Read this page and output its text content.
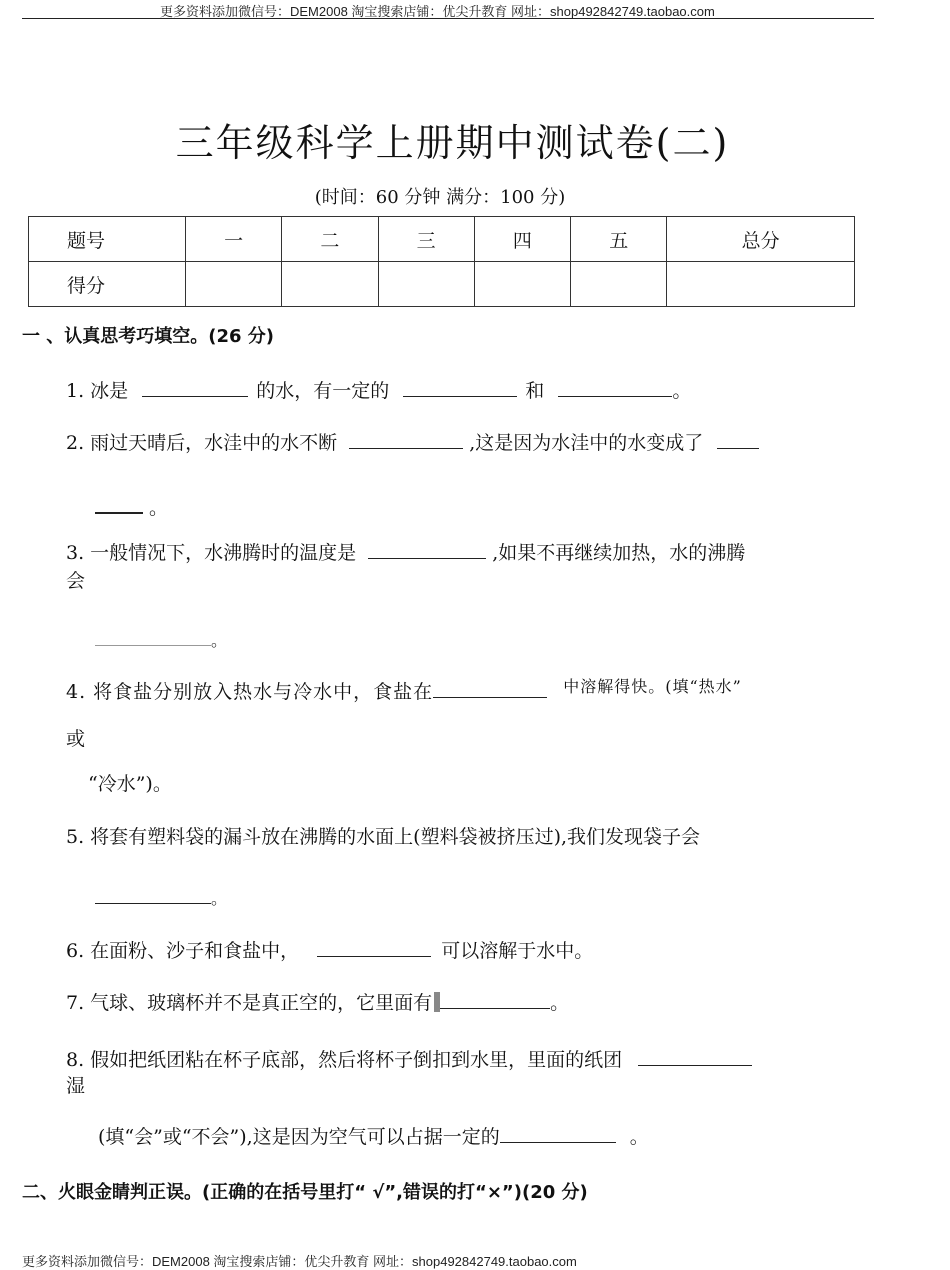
更多资料添加微信号：DEM2008 淘宝搜索店铺：优尖升教育 网址：shop492842749.taobao.com
三年级科学上册期中测试卷(二)
(时间：60 分钟 满分：100 分)
题号	一	二	三	四	五	总分
得分						
一 、认真思考巧填空。(26 分)
1. 冰是	的水，有一定的	和	。
2. 雨过天晴后，水洼中的水不断	,这是因为水洼中的水变成了
。
3. 一般情况下，水沸腾时的温度是	,如果不再继续加热，水的沸腾
会
。
4. 将食盐分别放入热水与冷水中，食盐在	$^{中溶解得快。(填“热水”}$
或
“冷水”)。
5. 将套有塑料袋的漏斗放在沸腾的水面上(塑料袋被挤压过),我们发现袋子会
。
6. 在面粉、沙子和食盐中，	可以溶解于水中。
7. 气球、玻璃杯并不是真正空的，它里面有	。
8. 假如把纸团粘在杯子底部，然后将杯子倒扣到水里，里面的纸团
湿
(填“会”或“不会”),这是因为空气可以占据一定的	。
二、火眼金睛判正误。(正确的在括号里打“ √”,错误的打“×”)(20 分)
更多资料添加微信号：DEM2008 淘宝搜索店铺：优尖升教育 网址：shop492842749.taobao.com
